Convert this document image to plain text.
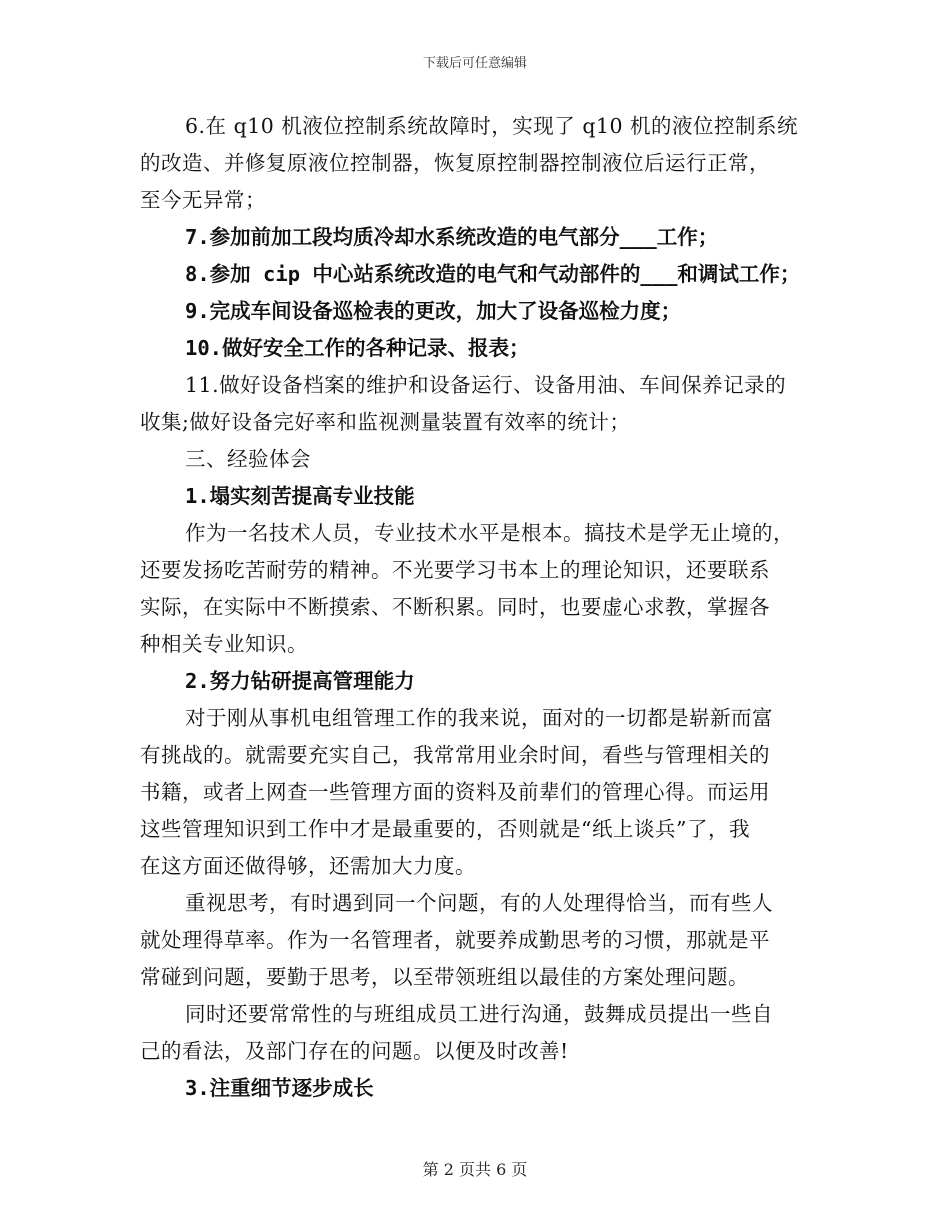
下载后可任意编辑
6.在 q10 机液位控制系统故障时，实现了 q10 机的液位控制系统
的改造、并修复原液位控制器，恢复原控制器控制液位后运行正常，
至今无异常；
7.参加前加工段均质冷却水系统改造的电气部分___工作；
8.参加 cip 中心站系统改造的电气和气动部件的___和调试工作；
9.完成车间设备巡检表的更改，加大了设备巡检力度；
10.做好安全工作的各种记录、报表；
11.做好设备档案的维护和设备运行、设备用油、车间保养记录的
收集;做好设备完好率和监视测量装置有效率的统计；
三、经验体会
1.塌实刻苦提高专业技能
作为一名技术人员，专业技术水平是根本。搞技术是学无止境的，
还要发扬吃苦耐劳的精神。不光要学习书本上的理论知识，还要联系
实际，在实际中不断摸索、不断积累。同时，也要虚心求教，掌握各
种相关专业知识。
2.努力钻研提高管理能力
对于刚从事机电组管理工作的我来说，面对的一切都是崭新而富
有挑战的。就需要充实自己，我常常用业余时间，看些与管理相关的
书籍，或者上网查一些管理方面的资料及前辈们的管理心得。而运用
这些管理知识到工作中才是最重要的，否则就是“纸上谈兵”了，我
在这方面还做得够，还需加大力度。
重视思考，有时遇到同一个问题，有的人处理得恰当，而有些人
就处理得草率。作为一名管理者，就要养成勤思考的习惯，那就是平
常碰到问题，要勤于思考，以至带领班组以最佳的方案处理问题。
同时还要常常性的与班组成员工进行沟通，鼓舞成员提出一些自
己的看法，及部门存在的问题。以便及时改善!
3.注重细节逐步成长
第 2 页共 6 页
